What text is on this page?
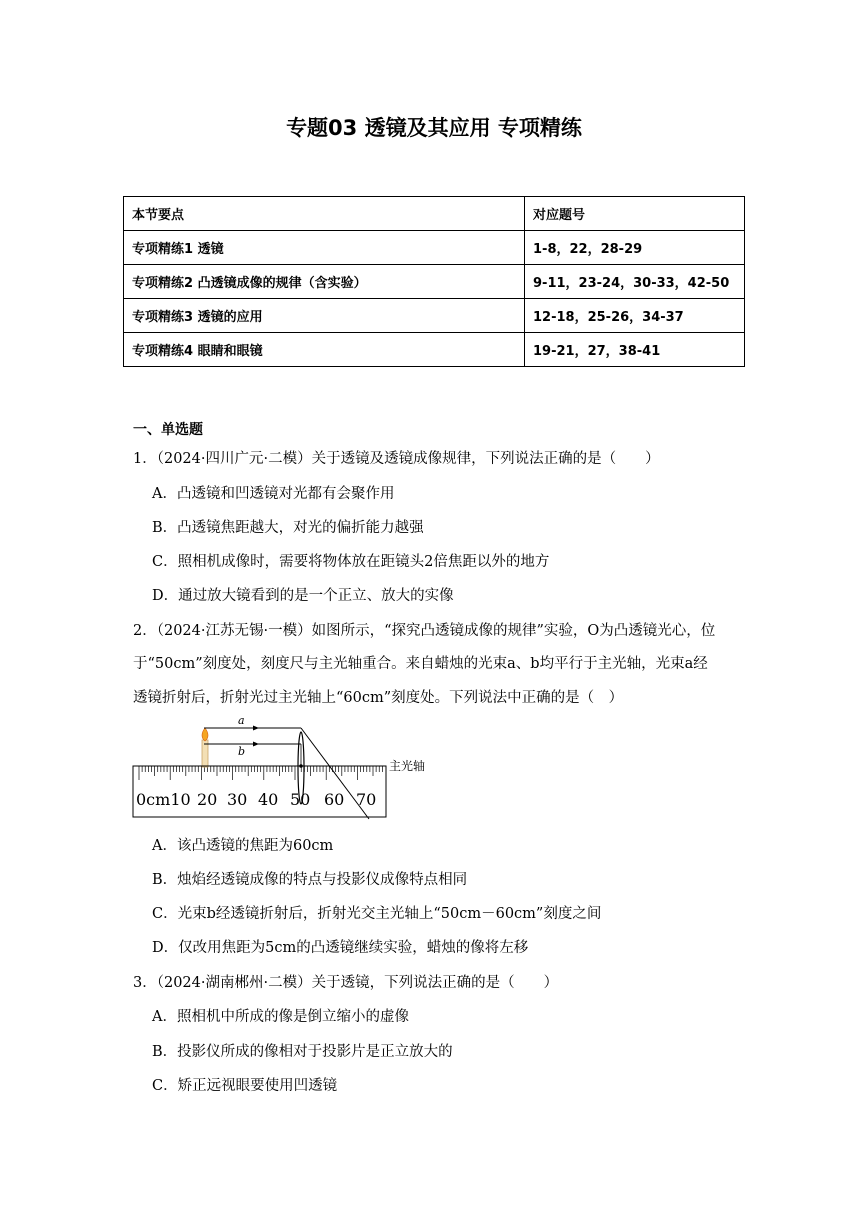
专题03 透镜及其应用 专项精练
本节要点	对应题号
专项精练1 透镜	1-8，22，28-29
专项精练2 凸透镜成像的规律（含实验）	9-11，23-24，30-33，42-50
专项精练3 透镜的应用	12-18，25-26，34-37
专项精练4 眼睛和眼镜	19-21，27，38-41
一、单选题
1．（2024·四川广元·二模）关于透镜及透镜成像规律，下列说法正确的是（　　）
A．凸透镜和凹透镜对光都有会聚作用
B．凸透镜焦距越大，对光的偏折能力越强
C．照相机成像时，需要将物体放在距镜头2倍焦距以外的地方
D．通过放大镜看到的是一个正立、放大的实像
2．（2024·江苏无锡·一模）如图所示，“探究凸透镜成像的规律”实验，O为凸透镜光心，位
于“50cm”刻度处，刻度尺与主光轴重合。来自蜡烛的光束a、b均平行于主光轴，光束a经
透镜折射后，折射光过主光轴上“60cm”刻度处。下列说法中正确的是（　）
a
b
主光轴
0cm10 20 30 40 50 60 70
A．该凸透镜的焦距为60cm
B．烛焰经透镜成像的特点与投影仪成像特点相同
C．光束b经透镜折射后，折射光交主光轴上“50cm－60cm”刻度之间
D．仅改用焦距为5cm的凸透镜继续实验，蜡烛的像将左移
3．（2024·湖南郴州·二模）关于透镜，下列说法正确的是（　　）
A．照相机中所成的像是倒立缩小的虚像
B．投影仪所成的像相对于投影片是正立放大的
C．矫正远视眼要使用凹透镜
